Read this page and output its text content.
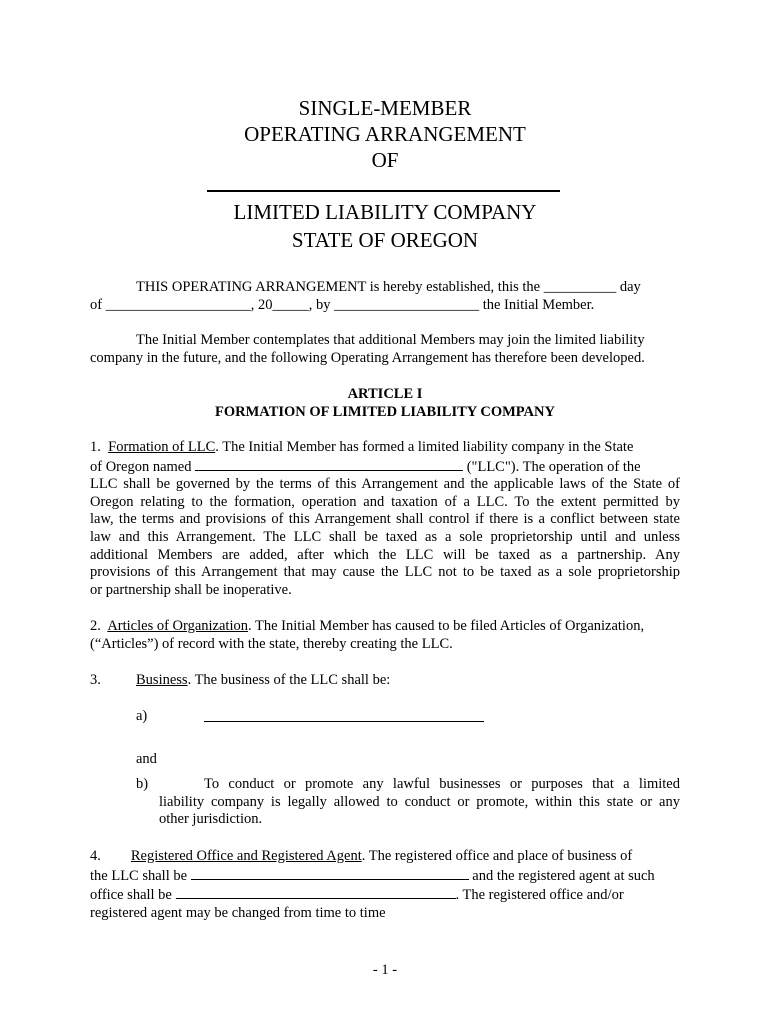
SINGLE-MEMBER
OPERATING ARRANGEMENT
OF
LIMITED LIABILITY COMPANY
STATE OF OREGON
THIS OPERATING ARRANGEMENT is hereby established, this the __________ day
of ____________________, 20_____, by ____________________ the Initial Member.
The Initial Member contemplates that additional Members may join the limited liability
company in the future, and the following Operating Arrangement has therefore been developed.
ARTICLE I
FORMATION OF LIMITED LIABILITY COMPANY
1. Formation of LLC. The Initial Member has formed a limited liability company in the State
of Oregon named	("LLC"). The operation of the
LLC shall be governed by the terms of this Arrangement and the applicable laws of the State of
Oregon relating to the formation, operation and taxation of a LLC. To the extent permitted by
law, the terms and provisions of this Arrangement shall control if there is a conflict between state
law and this Arrangement. The LLC shall be taxed as a sole proprietorship until and unless
additional Members are added, after which the LLC will be taxed as a partnership. Any
provisions of this Arrangement that may cause the LLC not to be taxed as a sole proprietorship
or partnership shall be inoperative.
2. Articles of Organization. The Initial Member has caused to be filed Articles of Organization,
(“Articles”) of record with the state, thereby creating the LLC.
3. Business. The business of the LLC shall be:
a)
and
b)	To conduct or promote any lawful businesses or purposes that a limited
liability company is legally allowed to conduct or promote, within this state or any
other jurisdiction.
4. Registered Office and Registered Agent. The registered office and place of business of
the LLC shall be	and the registered agent at such
office shall be	. The registered office and/or
registered agent may be changed from time to time
- 1 -
